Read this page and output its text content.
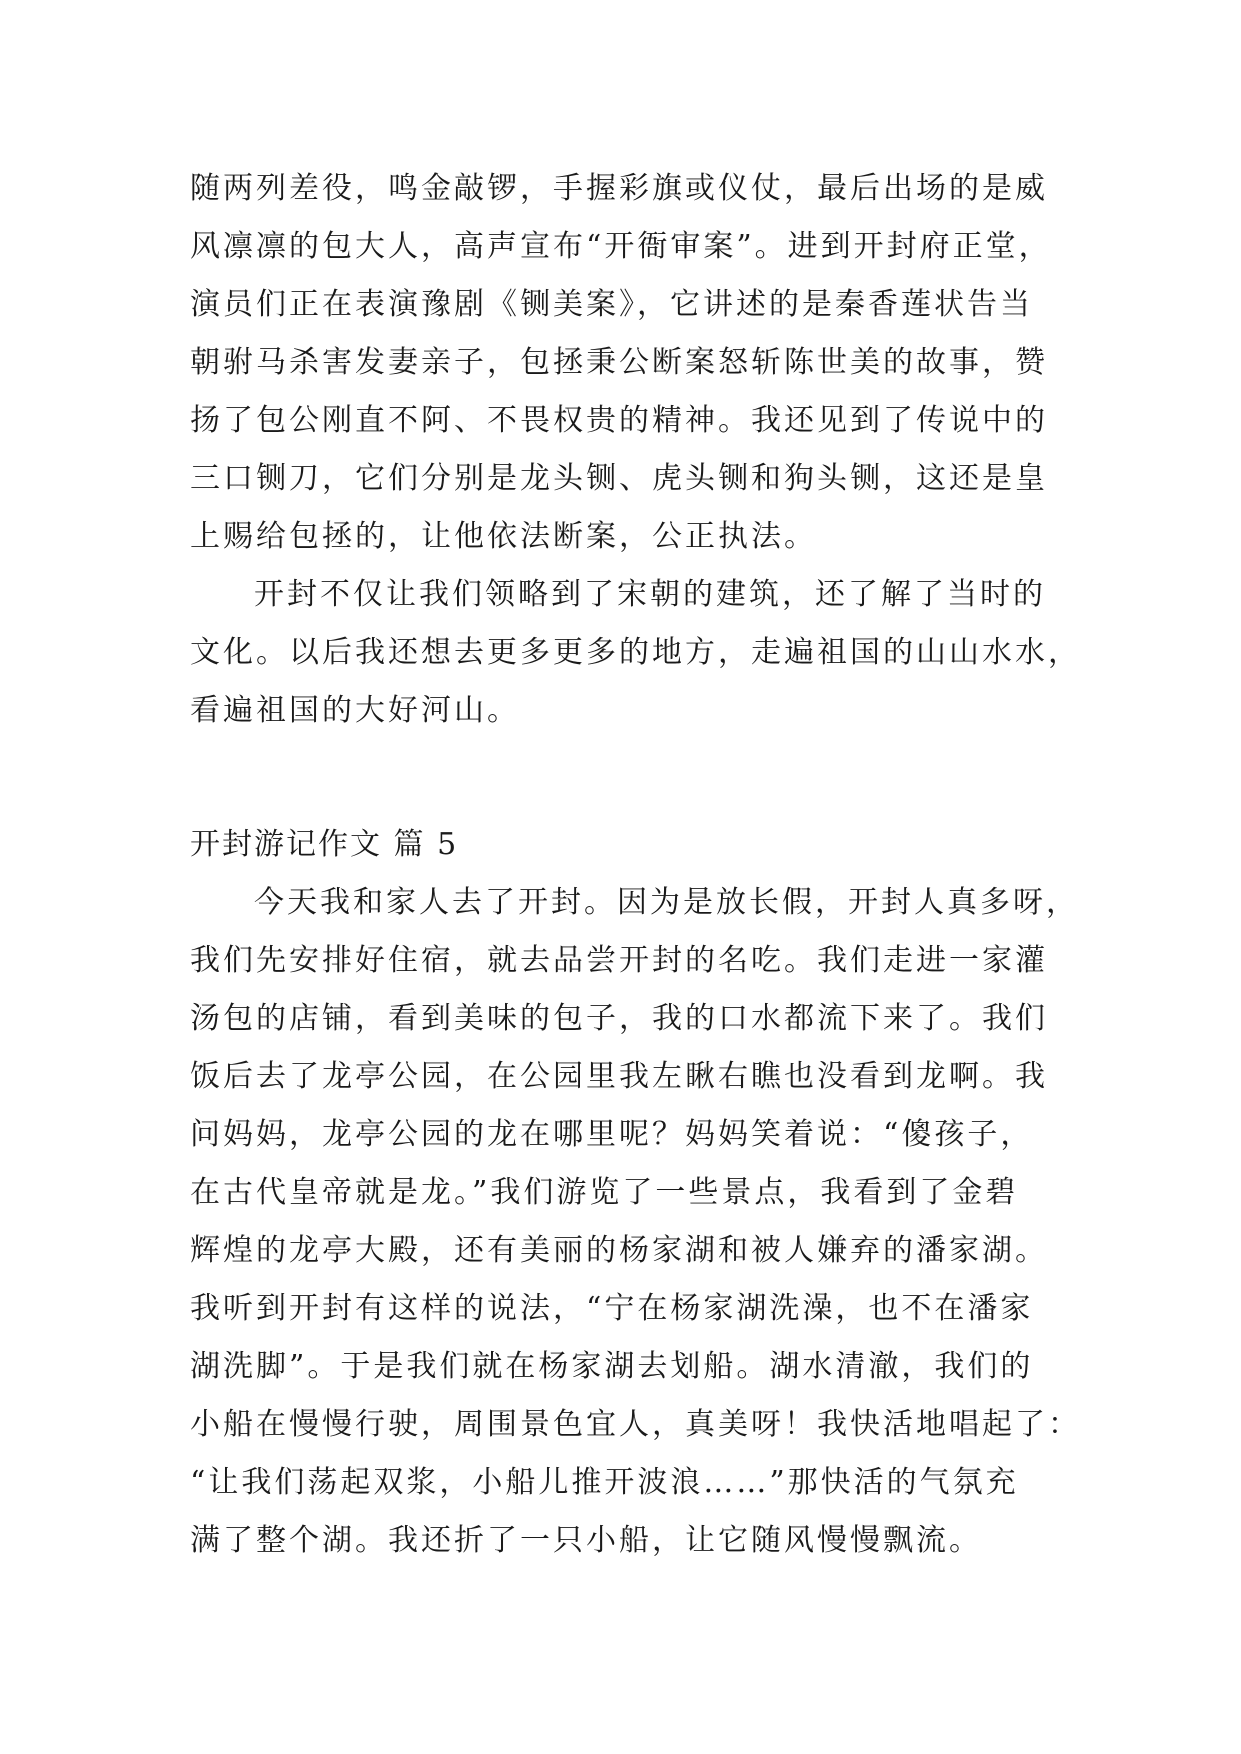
随两列差役，鸣金敲锣，手握彩旗或仪仗，最后出场的是威
风凛凛的包大人，高声宣布“开衙审案”。进到开封府正堂，
演员们正在表演豫剧《铡美案》，它讲述的是秦香莲状告当
朝驸马杀害发妻亲子，包拯秉公断案怒斩陈世美的故事，赞
扬了包公刚直不阿、不畏权贵的精神。我还见到了传说中的
三口铡刀，它们分别是龙头铡、虎头铡和狗头铡，这还是皇
上赐给包拯的，让他依法断案，公正执法。
开封不仅让我们领略到了宋朝的建筑，还了解了当时的
文化。以后我还想去更多更多的地方，走遍祖国的山山水水，
看遍祖国的大好河山。
开封游记作文 篇 5
今天我和家人去了开封。因为是放长假，开封人真多呀，
我们先安排好住宿，就去品尝开封的名吃。我们走进一家灌
汤包的店铺，看到美味的包子，我的口水都流下来了。我们
饭后去了龙亭公园，在公园里我左瞅右瞧也没看到龙啊。我
问妈妈，龙亭公园的龙在哪里呢？妈妈笑着说：“傻孩子，
在古代皇帝就是龙。”我们游览了一些景点，我看到了金碧
辉煌的龙亭大殿，还有美丽的杨家湖和被人嫌弃的潘家湖。
我听到开封有这样的说法，“宁在杨家湖洗澡，也不在潘家
湖洗脚”。于是我们就在杨家湖去划船。湖水清澈，我们的
小船在慢慢行驶，周围景色宜人，真美呀！我快活地唱起了：
“让我们荡起双浆，小船儿推开波浪……”那快活的气氛充
满了整个湖。我还折了一只小船，让它随风慢慢飘流。
